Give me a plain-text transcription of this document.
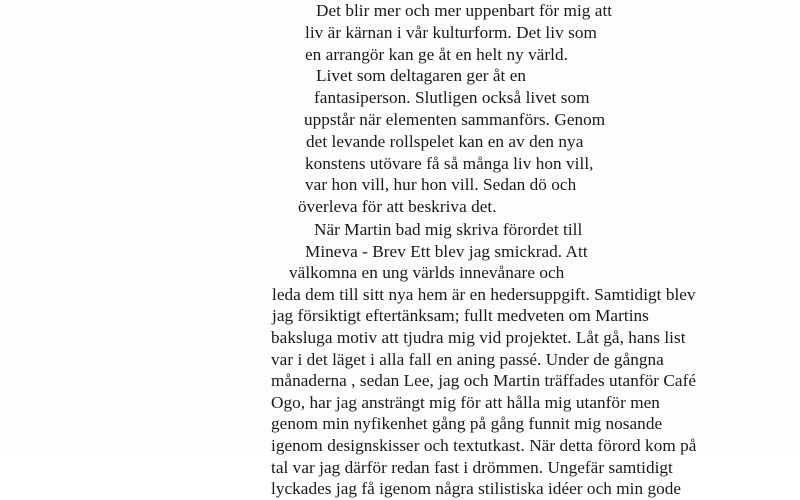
Det blir mer och mer uppenbart för mig att
liv är kärnan i vår kulturform. Det liv som
en arrangör kan ge åt en helt ny värld.
Livet som deltagaren ger åt en
fantasiperson. Slutligen också livet som
uppstår när elementen sammanförs. Genom
det levande rollspelet kan en av den nya
konstens utövare få så många liv hon vill,
var hon vill, hur hon vill. Sedan dö och
överleva för att beskriva det.
När Martin bad mig skriva förordet till
Mineva - Brev Ett blev jag smickrad. Att
välkomna en ung världs innevånare och
leda dem till sitt nya hem är en hedersuppgift. Samtidigt blev
jag försiktigt eftertänksam; fullt medveten om Martins
baksluga motiv att tjudra mig vid projektet. Låt gå, hans list
var i det läget i alla fall en aning passé. Under de gångna
månaderna , sedan Lee, jag och Martin träffades utanför Café
Ogo, har jag ansträngt mig för att hålla mig utanför men
genom min nyfikenhet gång på gång funnit mig nosande
igenom designskisser och textutkast. När detta förord kom på
tal var jag därför redan fast i drömmen. Ungefär samtidigt
lyckades jag få igenom några stilistiska idéer och min gode
